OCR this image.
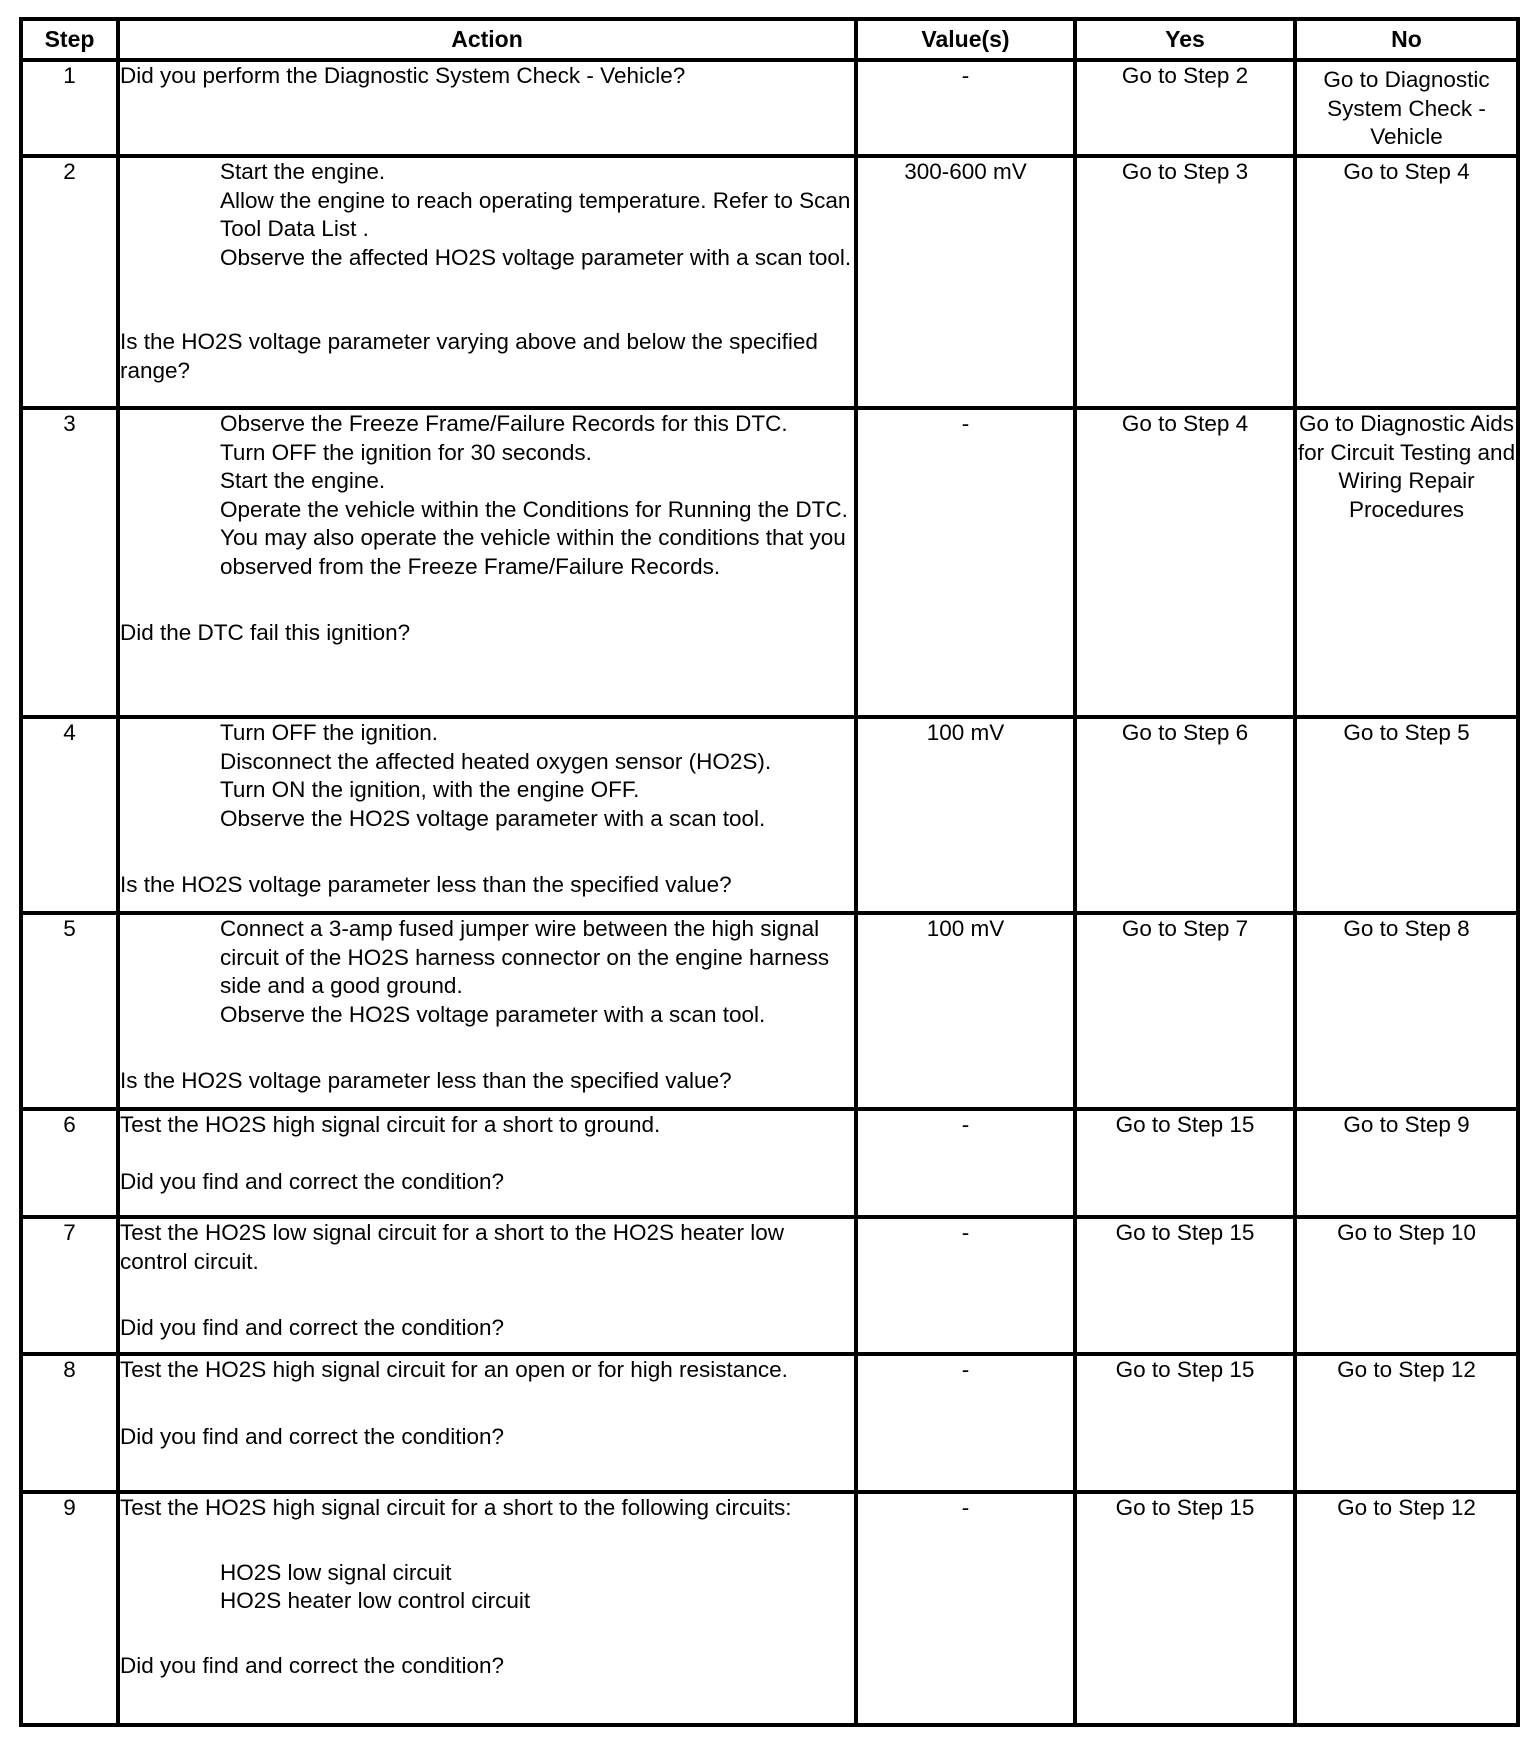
Step	Action	Value(s)	Yes	No
1	Did you perform the Diagnostic System Check - Vehicle?	-	Go to Step 2	Go to Diagnostic System Check - Vehicle
2	Start the engine.
Allow the engine to reach operating temperature. Refer to Scan Tool Data List .
Observe the affected HO2S voltage parameter with a scan tool.
Is the HO2S voltage parameter varying above and below the specified range?	300-600 mV	Go to Step 3	Go to Step 4
3	Observe the Freeze Frame/Failure Records for this DTC.
Turn OFF the ignition for 30 seconds.
Start the engine.
Operate the vehicle within the Conditions for Running the DTC. You may also operate the vehicle within the conditions that you observed from the Freeze Frame/Failure Records.
Did the DTC fail this ignition?	-	Go to Step 4	Go to Diagnostic Aids for Circuit Testing and Wiring Repair Procedures
4	Turn OFF the ignition.
Disconnect the affected heated oxygen sensor (HO2S).
Turn ON the ignition, with the engine OFF.
Observe the HO2S voltage parameter with a scan tool.
Is the HO2S voltage parameter less than the specified value?	100 mV	Go to Step 6	Go to Step 5
5	Connect a 3-amp fused jumper wire between the high signal circuit of the HO2S harness connector on the engine harness side and a good ground.
Observe the HO2S voltage parameter with a scan tool.
Is the HO2S voltage parameter less than the specified value?	100 mV	Go to Step 7	Go to Step 8
6	Test the HO2S high signal circuit for a short to ground.
Did you find and correct the condition?	-	Go to Step 15	Go to Step 9
7	Test the HO2S low signal circuit for a short to the HO2S heater low control circuit.
Did you find and correct the condition?	-	Go to Step 15	Go to Step 10
8	Test the HO2S high signal circuit for an open or for high resistance.
Did you find and correct the condition?	-	Go to Step 15	Go to Step 12
9	Test the HO2S high signal circuit for a short to the following circuits:
HO2S low signal circuit
HO2S heater low control circuit
Did you find and correct the condition?	-	Go to Step 15	Go to Step 12
